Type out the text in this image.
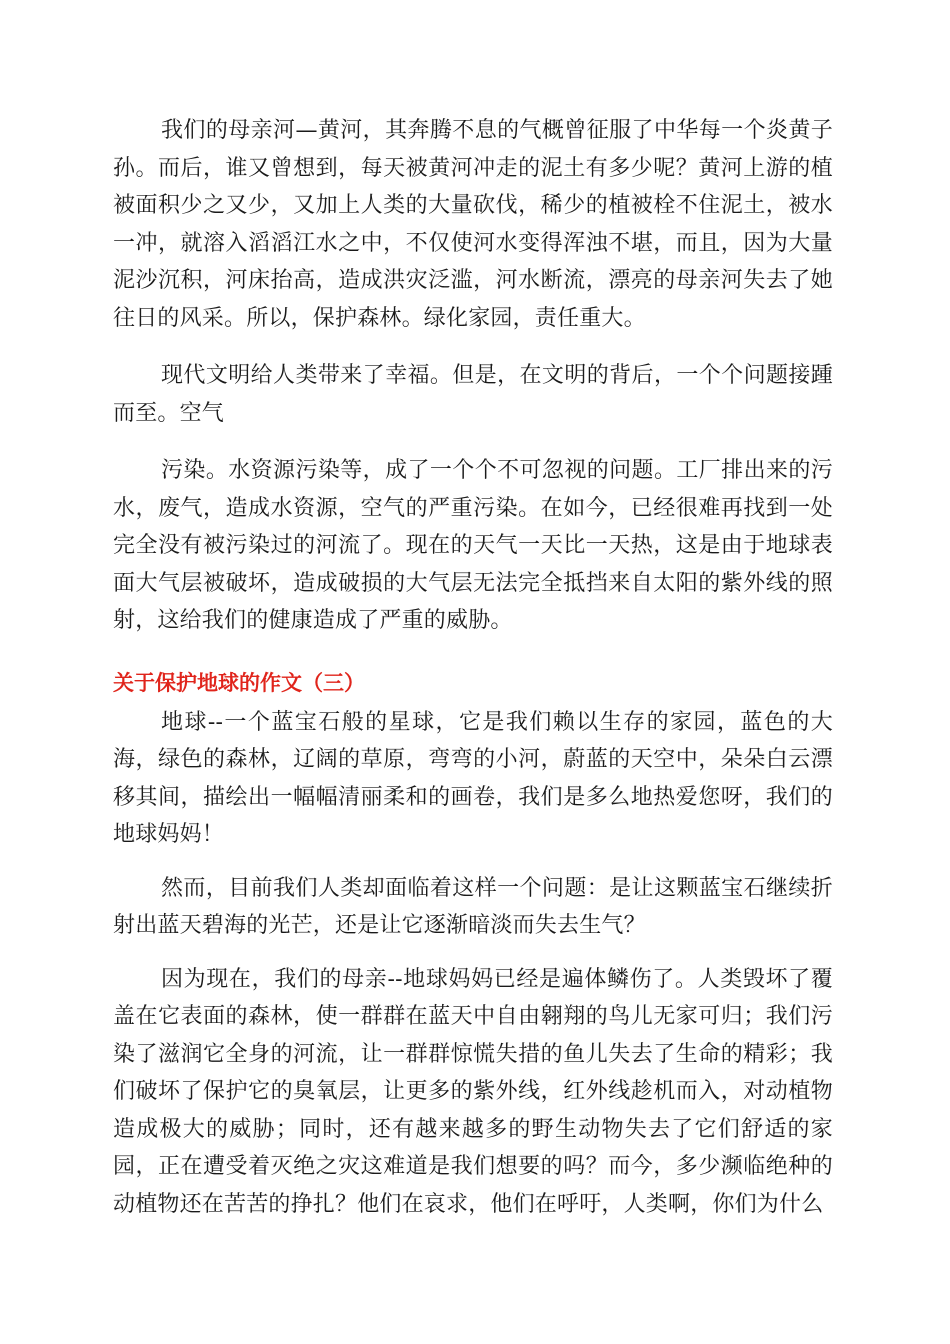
我们的母亲河—黄河，其奔腾不息的气概曾征服了中华每一个炎黄子孙。而后，谁又曾想到，每天被黄河冲走的泥土有多少呢？黄河上游的植被面积少之又少，又加上人类的大量砍伐，稀少的植被栓不住泥土，被水一冲，就溶入滔滔江水之中，不仅使河水变得浑浊不堪，而且，因为大量泥沙沉积，河床抬高，造成洪灾泛滥，河水断流，漂亮的母亲河失去了她往日的风采。所以，保护森林。绿化家园，责任重大。

现代文明给人类带来了幸福。但是，在文明的背后，一个个问题接踵而至。空气

污染。水资源污染等，成了一个个不可忽视的问题。工厂排出来的污水，废气，造成水资源，空气的严重污染。在如今，已经很难再找到一处完全没有被污染过的河流了。现在的天气一天比一天热，这是由于地球表面大气层被破坏，造成破损的大气层无法完全抵挡来自太阳的紫外线的照射，这给我们的健康造成了严重的威胁。

关于保护地球的作文（三）

地球--一个蓝宝石般的星球，它是我们赖以生存的家园，蓝色的大海，绿色的森林，辽阔的草原，弯弯的小河，蔚蓝的天空中，朵朵白云漂移其间，描绘出一幅幅清丽柔和的画卷，我们是多么地热爱您呀，我们的地球妈妈！

然而，目前我们人类却面临着这样一个问题：是让这颗蓝宝石继续折射出蓝天碧海的光芒，还是让它逐渐暗淡而失去生气？

因为现在，我们的母亲--地球妈妈已经是遍体鳞伤了。人类毁坏了覆盖在它表面的森林，使一群群在蓝天中自由翱翔的鸟儿无家可归；我们污染了滋润它全身的河流，让一群群惊慌失措的鱼儿失去了生命的精彩；我们破坏了保护它的臭氧层，让更多的紫外线，红外线趁机而入，对动植物造成极大的威胁；同时，还有越来越多的野生动物失去了它们舒适的家园，正在遭受着灭绝之灾这难道是我们想要的吗？而今，多少濒临绝种的动植物还在苦苦的挣扎？他们在哀求，他们在呼吁，人类啊，你们为什么
